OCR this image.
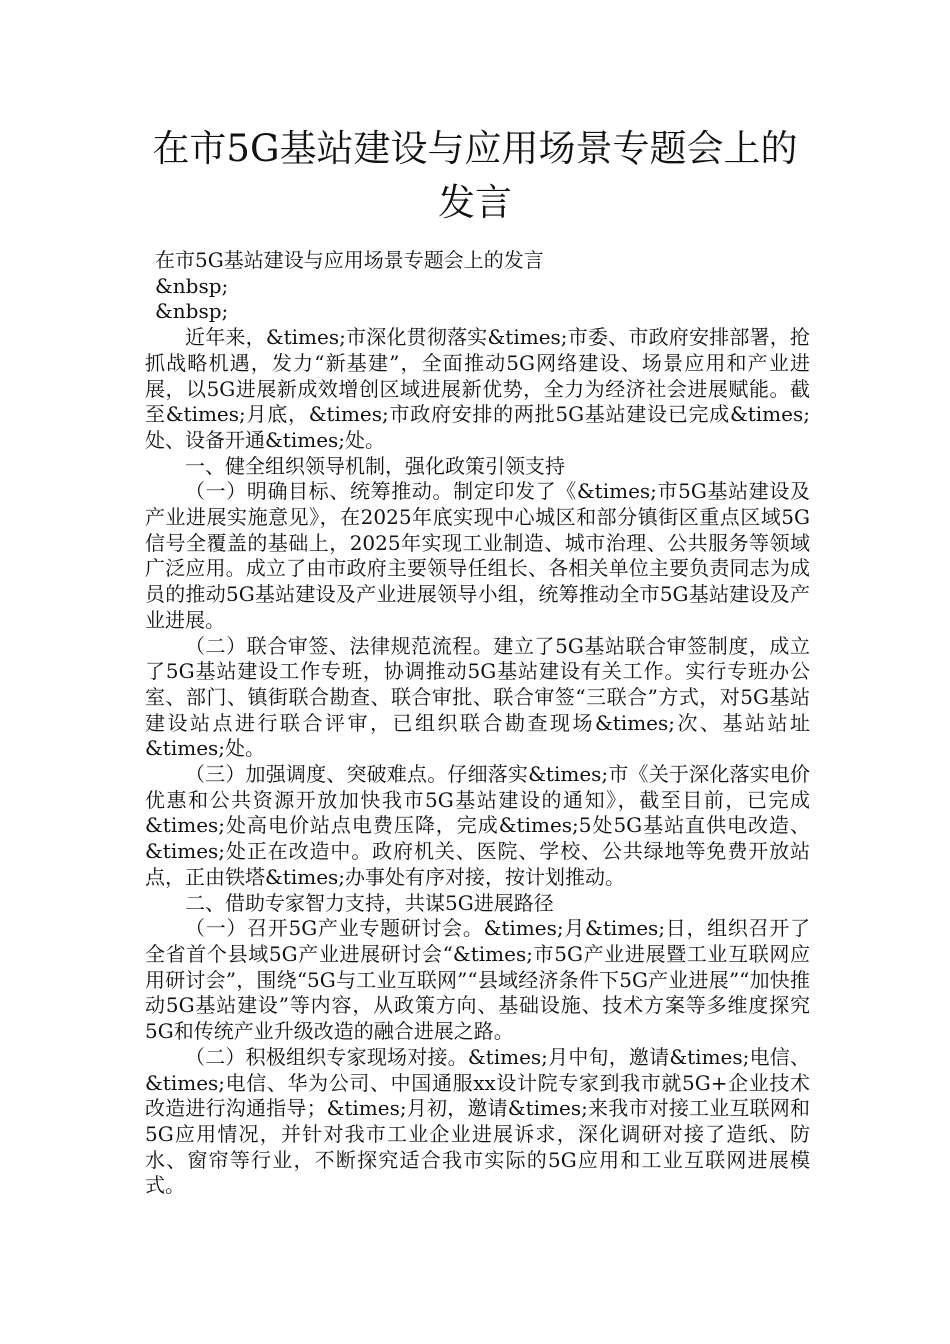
在市5G基站建设与应用场景专题会上的发言
在市5G基站建设与应用场景专题会上的发言
&nbsp;
&nbsp;

近年来，&times;市深化贯彻落实&times;市委、市政府安排部署，抢抓战略机遇，发力“新基建”，全面推动5G网络建设、场景应用和产业进展，以5G进展新成效增创区域进展新优势，全力为经济社会进展赋能。截至&times;月底，&times;市政府安排的两批5G基站建设已完成&times;处、设备开通&times;处。

一、健全组织领导机制，强化政策引领支持

（一）明确目标、统筹推动。制定印发了《&times;市5G基站建设及产业进展实施意见》，在2025年底实现中心城区和部分镇街区重点区域5G信号全覆盖的基础上，2025年实现工业制造、城市治理、公共服务等领域广泛应用。成立了由市政府主要领导任组长、各相关单位主要负责同志为成员的推动5G基站建设及产业进展领导小组，统筹推动全市5G基站建设及产业进展。

（二）联合审签、法律规范流程。建立了5G基站联合审签制度，成立了5G基站建设工作专班，协调推动5G基站建设有关工作。实行专班办公室、部门、镇街联合勘查、联合审批、联合审签“三联合”方式，对5G基站建设站点进行联合评审，已组织联合勘查现场&times;次、基站站址&times;处。

（三）加强调度、突破难点。仔细落实&times;市《关于深化落实电价优惠和公共资源开放加快我市5G基站建设的通知》，截至目前，已完成&times;处高电价站点电费压降，完成&times;5处5G基站直供电改造、&times;处正在改造中。政府机关、医院、学校、公共绿地等免费开放站点，正由铁塔&times;办事处有序对接，按计划推动。

二、借助专家智力支持，共谋5G进展路径

（一）召开5G产业专题研讨会。&times;月&times;日，组织召开了全省首个县域5G产业进展研讨会“&times;市5G产业进展暨工业互联网应用研讨会”，围绕“5G与工业互联网”“县域经济条件下5G产业进展”“加快推动5G基站建设”等内容，从政策方向、基础设施、技术方案等多维度探究5G和传统产业升级改造的融合进展之路。

（二）积极组织专家现场对接。&times;月中旬，邀请&times;电信、&times;电信、华为公司、中国通服xx设计院专家到我市就5G+企业技术改造进行沟通指导；&times;月初，邀请&times;来我市对接工业互联网和5G应用情况，并针对我市工业企业进展诉求，深化调研对接了造纸、防水、窗帘等行业，不断探究适合我市实际的5G应用和工业互联网进展模式。
